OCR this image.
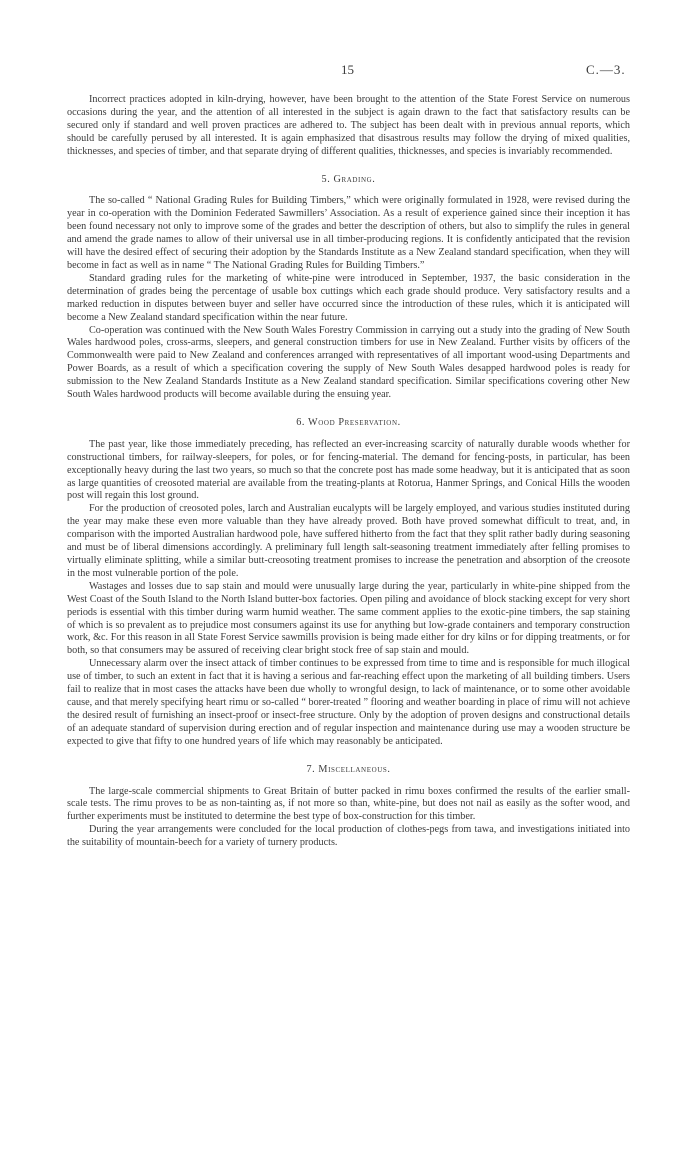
15	C.—3.

Incorrect practices adopted in kiln-drying, however, have been brought to the attention of the State Forest Service on numerous occasions during the year, and the attention of all interested in the subject is again drawn to the fact that satisfactory results can be secured only if standard and well proven practices are adhered to. The subject has been dealt with in previous annual reports, which should be carefully perused by all interested. It is again emphasized that disastrous results may follow the drying of mixed qualities, thicknesses, and species of timber, and that separate drying of different qualities, thicknesses, and species is invariably recommended.

5. Grading.

The so-called “ National Grading Rules for Building Timbers,” which were originally formulated in 1928, were revised during the year in co-operation with the Dominion Federated Sawmillers’ Association. As a result of experience gained since their inception it has been found necessary not only to improve some of the grades and better the description of others, but also to simplify the rules in general and amend the grade names to allow of their universal use in all timber-producing regions. It is confidently anticipated that the revision will have the desired effect of securing their adoption by the Standards Institute as a New Zealand standard specification, when they will become in fact as well as in name “ The National Grading Rules for Building Timbers.”

Standard grading rules for the marketing of white-pine were introduced in September, 1937, the basic consideration in the determination of grades being the percentage of usable box cuttings which each grade should produce. Very satisfactory results and a marked reduction in disputes between buyer and seller have occurred since the introduction of these rules, which it is anticipated will become a New Zealand standard specification within the near future.

Co-operation was continued with the New South Wales Forestry Commission in carrying out a study into the grading of New South Wales hardwood poles, cross-arms, sleepers, and general construction timbers for use in New Zealand. Further visits by officers of the Commonwealth were paid to New Zealand and conferences arranged with representatives of all important wood-using Departments and Power Boards, as a result of which a specification covering the supply of New South Wales desapped hardwood poles is ready for submission to the New Zealand Standards Institute as a New Zealand standard specification. Similar specifications covering other New South Wales hardwood products will become available during the ensuing year.

6. Wood Preservation.

The past year, like those immediately preceding, has reflected an ever-increasing scarcity of naturally durable woods whether for constructional timbers, for railway-sleepers, for poles, or for fencing-material. The demand for fencing-posts, in particular, has been exceptionally heavy during the last two years, so much so that the concrete post has made some headway, but it is anticipated that as soon as large quantities of creosoted material are available from the treating-plants at Rotorua, Hanmer Springs, and Conical Hills the wooden post will regain this lost ground.

For the production of creosoted poles, larch and Australian eucalypts will be largely employed, and various studies instituted during the year may make these even more valuable than they have already proved. Both have proved somewhat difficult to treat, and, in comparison with the imported Australian hardwood pole, have suffered hitherto from the fact that they split rather badly during seasoning and must be of liberal dimensions accordingly. A preliminary full length salt-seasoning treatment immediately after felling promises to virtually eliminate splitting, while a similar butt-creosoting treatment promises to increase the penetration and absorption of the creosote in the most vulnerable portion of the pole.

Wastages and losses due to sap stain and mould were unusually large during the year, particularly in white-pine shipped from the West Coast of the South Island to the North Island butter-box factories. Open piling and avoidance of block stacking except for very short periods is essential with this timber during warm humid weather. The same comment applies to the exotic-pine timbers, the sap staining of which is so prevalent as to prejudice most consumers against its use for anything but low-grade containers and temporary construction work, &c. For this reason in all State Forest Service sawmills provision is being made either for dry kilns or for dipping treatments, or for both, so that consumers may be assured of receiving clear bright stock free of sap stain and mould.

Unnecessary alarm over the insect attack of timber continues to be expressed from time to time and is responsible for much illogical use of timber, to such an extent in fact that it is having a serious and far-reaching effect upon the marketing of all building timbers. Users fail to realize that in most cases the attacks have been due wholly to wrongful design, to lack of maintenance, or to some other avoidable cause, and that merely specifying heart rimu or so-called “ borer-treated ” flooring and weather boarding in place of rimu will not achieve the desired result of furnishing an insect-proof or insect-free structure. Only by the adoption of proven designs and constructional details of an adequate standard of supervision during erection and of regular inspection and maintenance during use may a wooden structure be expected to give that fifty to one hundred years of life which may reasonably be anticipated.

7. Miscellaneous.

The large-scale commercial shipments to Great Britain of butter packed in rimu boxes confirmed the results of the earlier small-scale tests. The rimu proves to be as non-tainting as, if not more so than, white-pine, but does not nail as easily as the softer wood, and further experiments must be instituted to determine the best type of box-construction for this timber.

During the year arrangements were concluded for the local production of clothes-pegs from tawa, and investigations initiated into the suitability of mountain-beech for a variety of turnery products.
